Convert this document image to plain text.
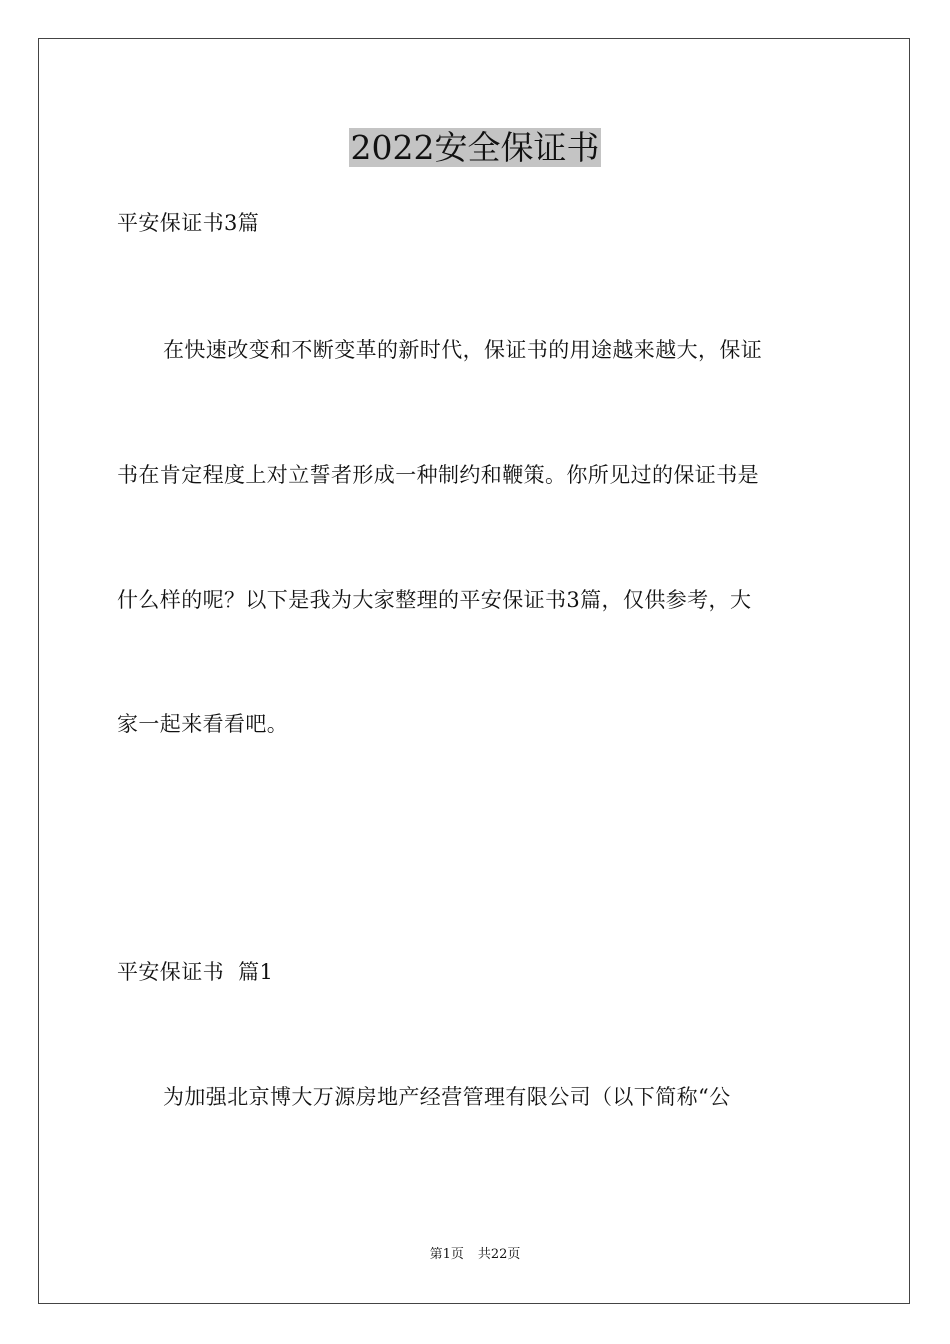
2022安全保证书
平安保证书3篇
在快速改变和不断变革的新时代，保证书的用途越来越大，保证
书在肯定程度上对立誓者形成一种制约和鞭策。你所见过的保证书是
什么样的呢？以下是我为大家整理的平安保证书3篇，仅供参考，大
家一起来看看吧。
平安保证书  篇1
为加强北京博大万源房地产经营管理有限公司（以下简称“公
第1页 共22页
